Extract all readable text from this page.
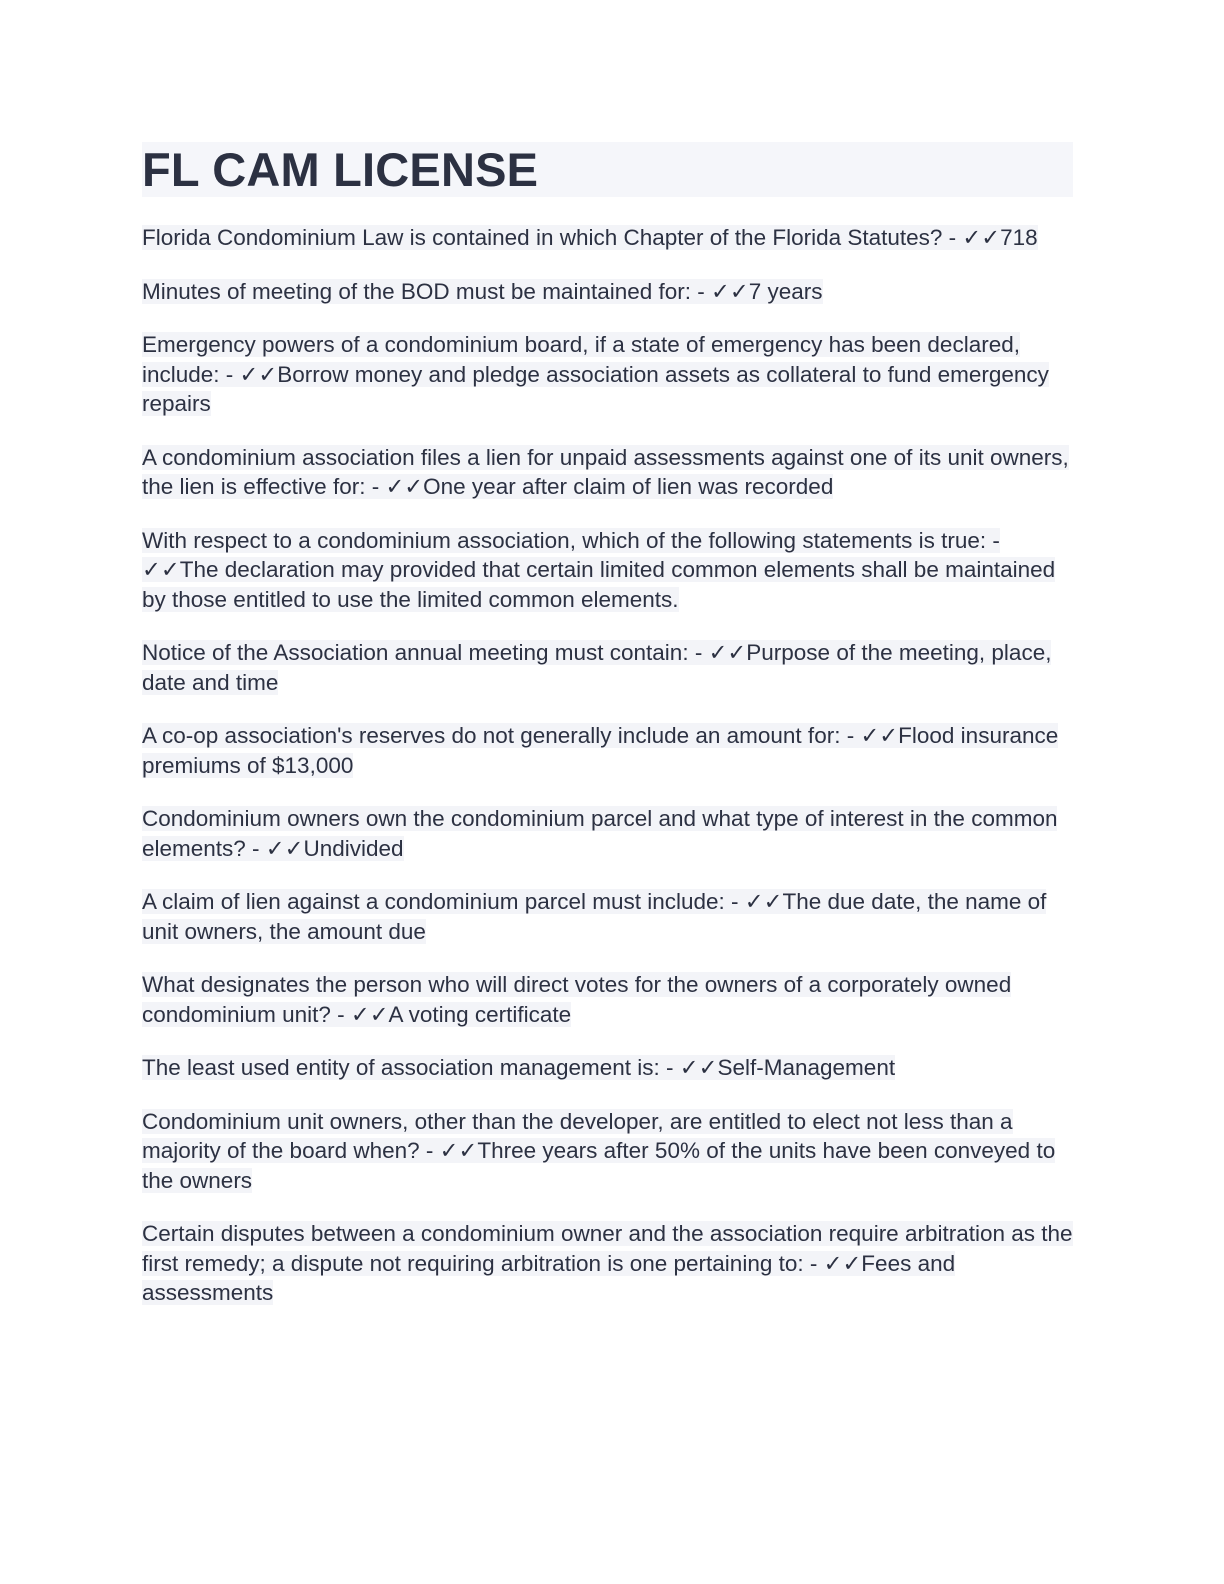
FL CAM LICENSE

Florida Condominium Law is contained in which Chapter of the Florida Statutes? - ✓✓718

Minutes of meeting of the BOD must be maintained for: - ✓✓7 years

Emergency powers of a condominium board, if a state of emergency has been declared, include: - ✓✓Borrow money and pledge association assets as collateral to fund emergency repairs

A condominium association files a lien for unpaid assessments against one of its unit owners, the lien is effective for: - ✓✓One year after claim of lien was recorded

With respect to a condominium association, which of the following statements is true: - ✓✓The declaration may provided that certain limited common elements shall be maintained by those entitled to use the limited common elements.

Notice of the Association annual meeting must contain: - ✓✓Purpose of the meeting, place, date and time

A co-op association's reserves do not generally include an amount for: - ✓✓Flood insurance premiums of $13,000

Condominium owners own the condominium parcel and what type of interest in the common elements? - ✓✓Undivided

A claim of lien against a condominium parcel must include: - ✓✓The due date, the name of unit owners, the amount due

What designates the person who will direct votes for the owners of a corporately owned condominium unit? - ✓✓A voting certificate

The least used entity of association management is: - ✓✓Self-Management

Condominium unit owners, other than the developer, are entitled to elect not less than a majority of the board when? - ✓✓Three years after 50% of the units have been conveyed to the owners

Certain disputes between a condominium owner and the association require arbitration as the first remedy; a dispute not requiring arbitration is one pertaining to: - ✓✓Fees and assessments
